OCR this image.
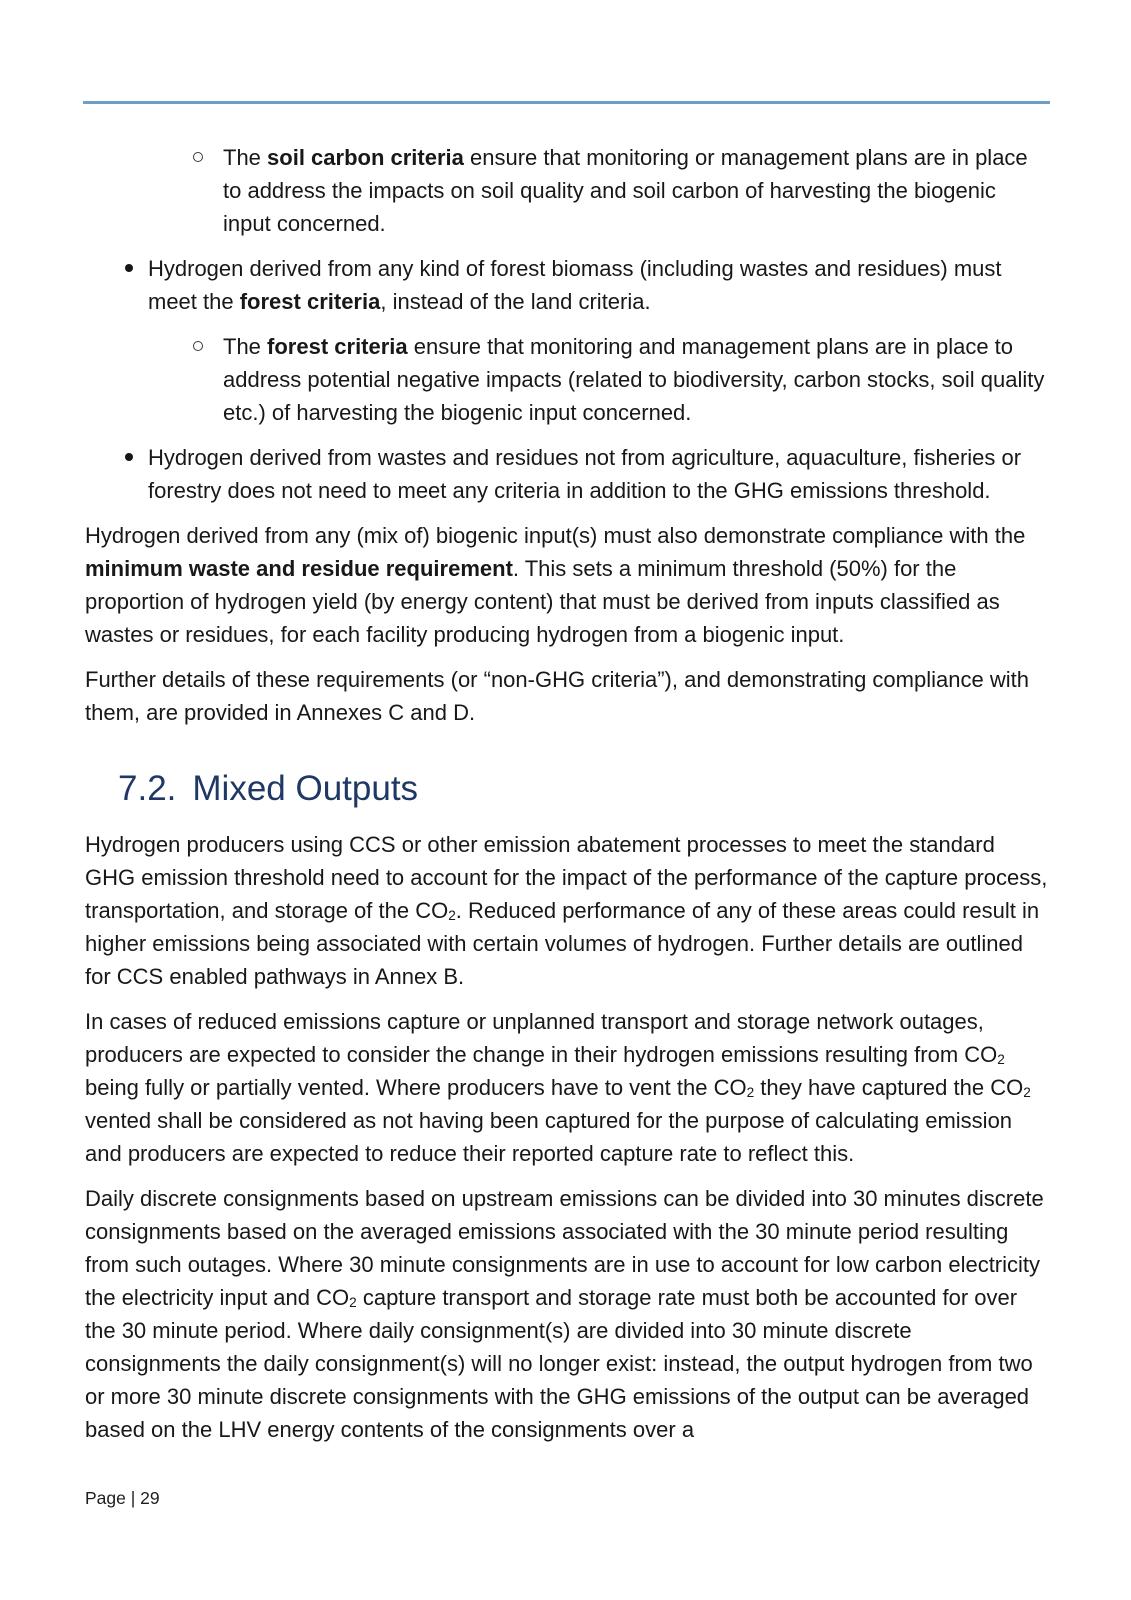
The soil carbon criteria ensure that monitoring or management plans are in place to address the impacts on soil quality and soil carbon of harvesting the biogenic input concerned.
Hydrogen derived from any kind of forest biomass (including wastes and residues) must meet the forest criteria, instead of the land criteria.
The forest criteria ensure that monitoring and management plans are in place to address potential negative impacts (related to biodiversity, carbon stocks, soil quality etc.) of harvesting the biogenic input concerned.
Hydrogen derived from wastes and residues not from agriculture, aquaculture, fisheries or forestry does not need to meet any criteria in addition to the GHG emissions threshold.

Hydrogen derived from any (mix of) biogenic input(s) must also demonstrate compliance with the minimum waste and residue requirement. This sets a minimum threshold (50%) for the proportion of hydrogen yield (by energy content) that must be derived from inputs classified as wastes or residues, for each facility producing hydrogen from a biogenic input.

Further details of these requirements (or “non-GHG criteria”), and demonstrating compliance with them, are provided in Annexes C and D.

7.2. Mixed Outputs

Hydrogen producers using CCS or other emission abatement processes to meet the standard GHG emission threshold need to account for the impact of the performance of the capture process, transportation, and storage of the $CO_2$. Reduced performance of any of these areas could result in higher emissions being associated with certain volumes of hydrogen. Further details are outlined for CCS enabled pathways in Annex B.

In cases of reduced emissions capture or unplanned transport and storage network outages, producers are expected to consider the change in their hydrogen emissions resulting from $CO_2$ being fully or partially vented. Where producers have to vent the $CO_2$ they have captured the $CO_2$ vented shall be considered as not having been captured for the purpose of calculating emission and producers are expected to reduce their reported capture rate to reflect this.

Daily discrete consignments based on upstream emissions can be divided into 30 minutes discrete consignments based on the averaged emissions associated with the 30 minute period resulting from such outages. Where 30 minute consignments are in use to account for low carbon electricity the electricity input and $CO_2$ capture transport and storage rate must both be accounted for over the 30 minute period. Where daily consignment(s) are divided into 30 minute discrete consignments the daily consignment(s) will no longer exist: instead, the output hydrogen from two or more 30 minute discrete consignments with the GHG emissions of the output can be averaged based on the LHV energy contents of the consignments over a

Page | 29
